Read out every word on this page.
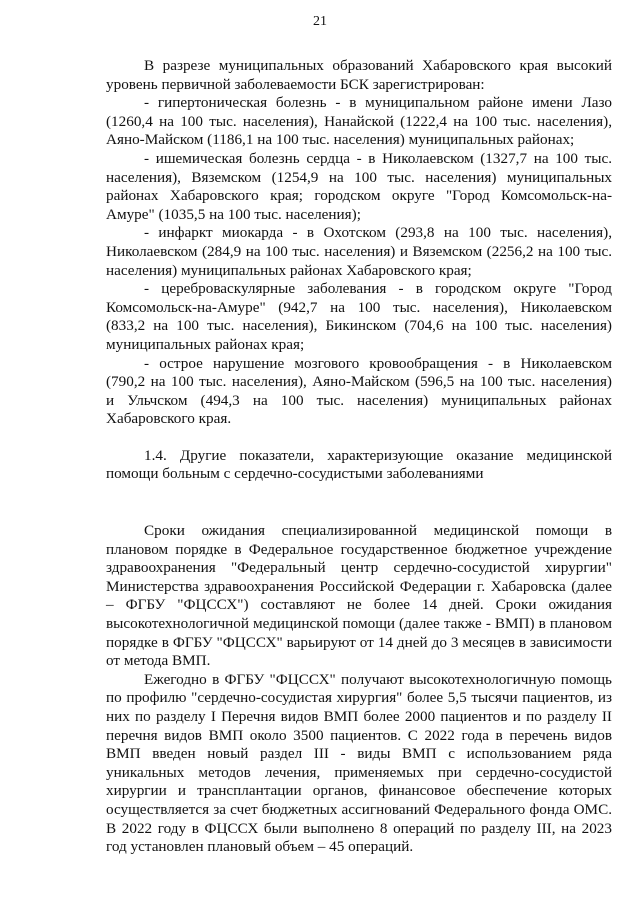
21
В разрезе муниципальных образований Хабаровского края высокий
уровень первичной заболеваемости БСК зарегистрирован:
- гипертоническая болезнь - в муниципальном районе имени Лазо
(1260,4 на 100 тыс. населения), Нанайской (1222,4 на 100 тыс. населения),
Аяно-Майском (1186,1 на 100 тыс. населения) муниципальных районах;
- ишемическая болезнь сердца - в Николаевском (1327,7 на 100 тыс.
населения), Вяземском (1254,9 на 100 тыс. населения) муниципальных
районах Хабаровского края; городском округе "Город Комсомольск-на-
Амуре" (1035,5 на 100 тыс. населения);
- инфаркт миокарда - в Охотском (293,8 на 100 тыс. населения),
Николаевском (284,9 на 100 тыс. населения) и Вяземском (2256,2 на 100 тыс.
населения) муниципальных районах Хабаровского края;
- цереброваскулярные заболевания - в городском округе "Город
Комсомольск-на-Амуре" (942,7 на 100 тыс. населения), Николаевском
(833,2 на 100 тыс. населения), Бикинском (704,6 на 100 тыс. населения)
муниципальных районах края;
- острое нарушение мозгового кровообращения - в Николаевском
(790,2 на 100 тыс. населения), Аяно-Майском (596,5 на 100 тыс. населения)
и Ульчском (494,3 на 100 тыс. населения) муниципальных районах
Хабаровского края.
1.4. Другие показатели, характеризующие оказание медицинской
помощи больным с сердечно-сосудистыми заболеваниями
Сроки ожидания специализированной медицинской помощи в
плановом порядке в Федеральное государственное бюджетное учреждение
здравоохранения "Федеральный центр сердечно-сосудистой хирургии"
Министерства здравоохранения Российской Федерации г. Хабаровска (далее
– ФГБУ "ФЦССХ") составляют не более 14 дней. Сроки ожидания
высокотехнологичной медицинской помощи (далее также - ВМП) в плановом
порядке в ФГБУ "ФЦССХ" варьируют от 14 дней до 3 месяцев в зависимости
от метода ВМП.
Ежегодно в ФГБУ "ФЦССХ" получают высокотехнологичную помощь
по профилю "сердечно-сосудистая хирургия" более 5,5 тысячи пациентов, из
них по разделу I Перечня видов ВМП более 2000 пациентов и по разделу II
перечня видов ВМП около 3500 пациентов. С 2022 года в перечень видов
ВМП введен новый раздел III - виды ВМП с использованием ряда
уникальных методов лечения, применяемых при сердечно-сосудистой
хирургии и трансплантации органов, финансовое обеспечение которых
осуществляется за счет бюджетных ассигнований Федерального фонда ОМС.
В 2022 году в ФЦССХ были выполнено 8 операций по разделу III, на 2023
год установлен плановый объем – 45 операций.
